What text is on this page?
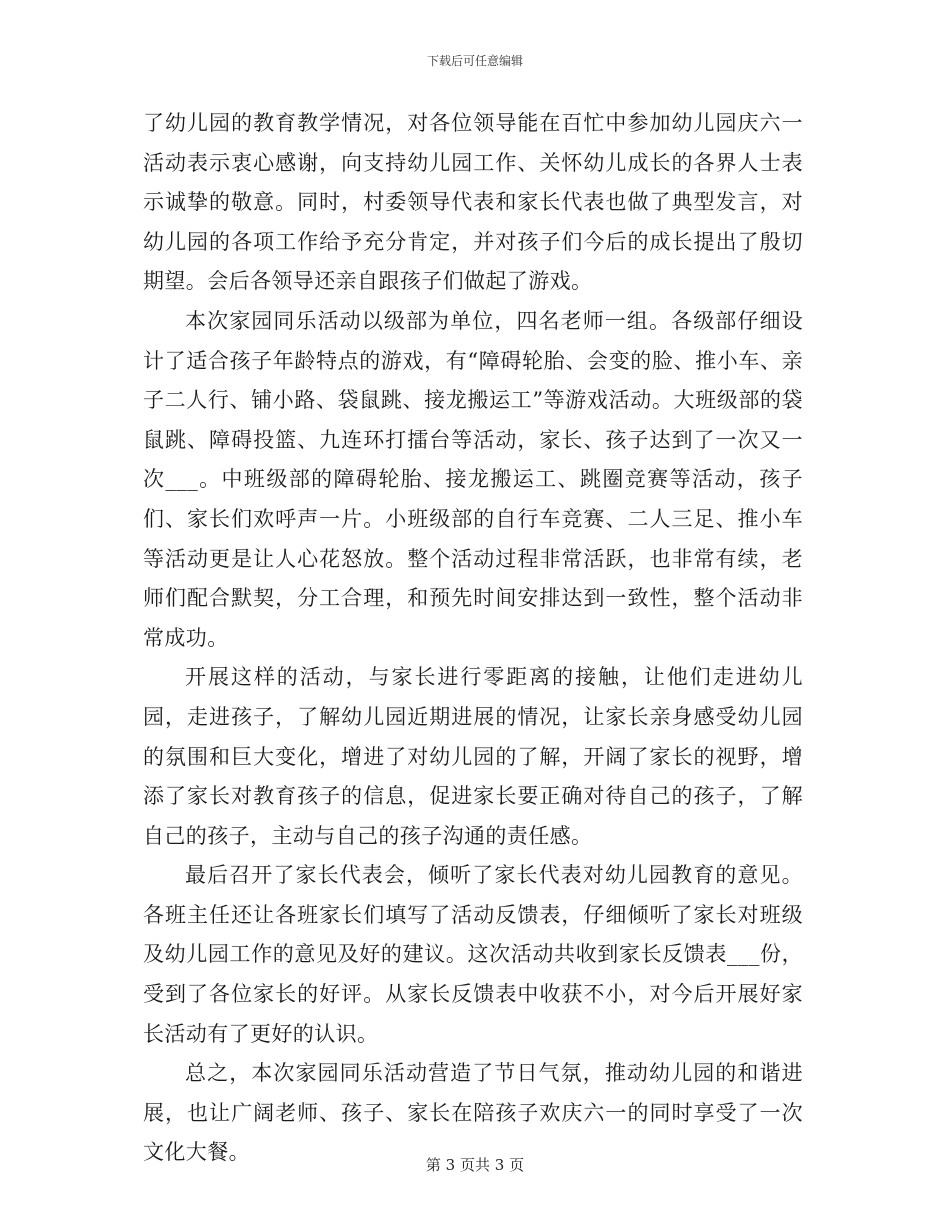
下载后可任意编辑

了幼儿园的教育教学情况，对各位领导能在百忙中参加幼儿园庆六一活动表示衷心感谢，向支持幼儿园工作、关怀幼儿成长的各界人士表示诚挚的敬意。同时，村委领导代表和家长代表也做了典型发言，对幼儿园的各项工作给予充分肯定，并对孩子们今后的成长提出了殷切期望。会后各领导还亲自跟孩子们做起了游戏。

本次家园同乐活动以级部为单位，四名老师一组。各级部仔细设计了适合孩子年龄特点的游戏，有“障碍轮胎、会变的脸、推小车、亲子二人行、铺小路、袋鼠跳、接龙搬运工”等游戏活动。大班级部的袋鼠跳、障碍投篮、九连环打擂台等活动，家长、孩子达到了一次又一次___。中班级部的障碍轮胎、接龙搬运工、跳圈竞赛等活动，孩子们、家长们欢呼声一片。小班级部的自行车竞赛、二人三足、推小车等活动更是让人心花怒放。整个活动过程非常活跃，也非常有续，老师们配合默契，分工合理，和预先时间安排达到一致性，整个活动非常成功。

开展这样的活动，与家长进行零距离的接触，让他们走进幼儿园，走进孩子，了解幼儿园近期进展的情况，让家长亲身感受幼儿园的氛围和巨大变化，增进了对幼儿园的了解，开阔了家长的视野，增添了家长对教育孩子的信息，促进家长要正确对待自己的孩子，了解自己的孩子，主动与自己的孩子沟通的责任感。

最后召开了家长代表会，倾听了家长代表对幼儿园教育的意见。各班主任还让各班家长们填写了活动反馈表，仔细倾听了家长对班级及幼儿园工作的意见及好的建议。这次活动共收到家长反馈表___份，受到了各位家长的好评。从家长反馈表中收获不小，对今后开展好家长活动有了更好的认识。

总之，本次家园同乐活动营造了节日气氛，推动幼儿园的和谐进展，也让广阔老师、孩子、家长在陪孩子欢庆六一的同时享受了一次文化大餐。

第 3 页共 3 页
